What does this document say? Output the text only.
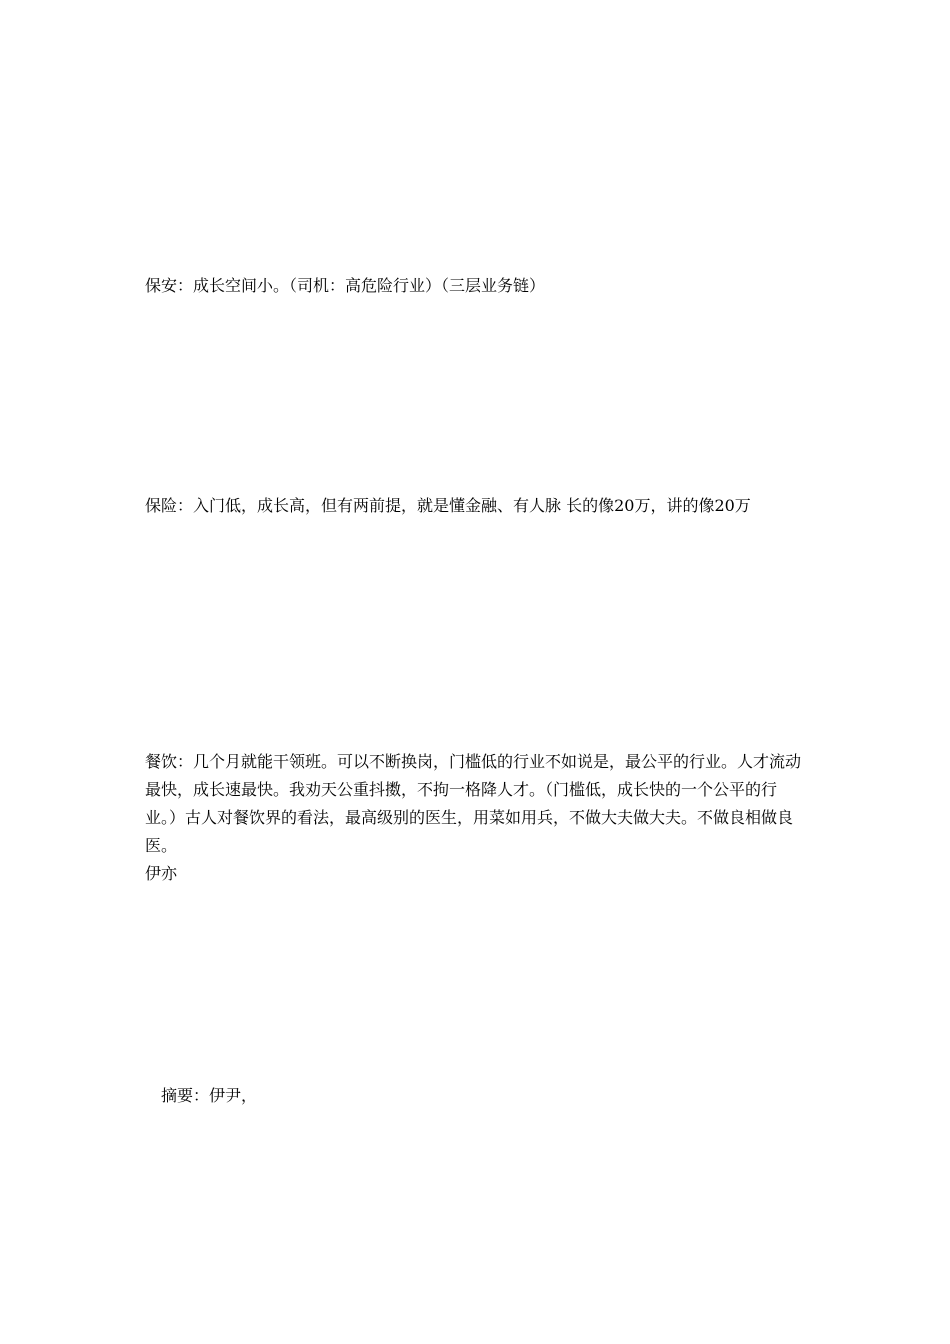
保安：成长空间小。（司机：高危险行业）（三层业务链）

保险：入门低，成长高，但有两前提，就是懂金融、有人脉 长的像20万，讲的像20万

餐饮：几个月就能干领班。可以不断换岗，门槛低的行业不如说是，最公平的行业。人才流动
最快，成长速最快。我劝天公重抖擞，不拘一格降人才。（门槛低，成长快的一个公平的行
业。）古人对餐饮界的看法，最高级别的医生，用菜如用兵，不做大夫做大夫。不做良相做良医。
伊亦

摘要：伊尹，
